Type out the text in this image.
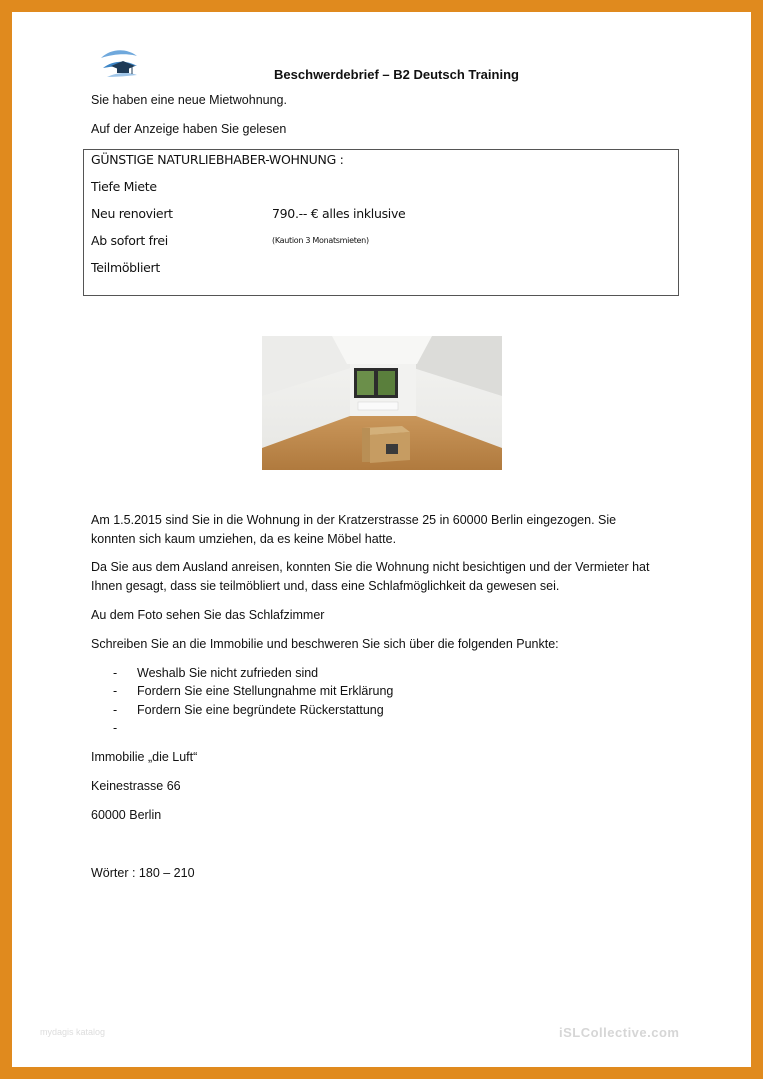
Beschwerdebrief – B2 Deutsch Training
Sie haben eine neue Mietwohnung.
Auf der Anzeige haben Sie gelesen
GÜNSTIGE NATURLIEBHABER-WOHNUNG :
Tiefe Miete
Neu renoviert	790.-- € alles inklusive
Ab sofort frei	(Kaution 3 Monatsmieten)
Teilmöbliert
Am 1.5.2015 sind Sie in die Wohnung in der Kratzerstrasse 25 in 60000 Berlin eingezogen. Sie
konnten sich kaum umziehen, da es keine Möbel hatte.
Da Sie aus dem Ausland anreisen, konnten Sie die Wohnung nicht besichtigen und der Vermieter hat
Ihnen gesagt, dass sie teilmöbliert und, dass eine Schlafmöglichkeit da gewesen sei.
Au dem Foto sehen Sie das Schlafzimmer
Schreiben Sie an die Immobilie und beschweren Sie sich über die folgenden Punkte:
- Weshalb Sie nicht zufrieden sind
- Fordern Sie eine Stellungnahme mit Erklärung
- Fordern Sie eine begründete Rückerstattung
-
Immobilie „die Luft“
Keinestrasse 66
60000 Berlin
Wörter : 180 – 210
mydagis katalog	iSLCollective.com
